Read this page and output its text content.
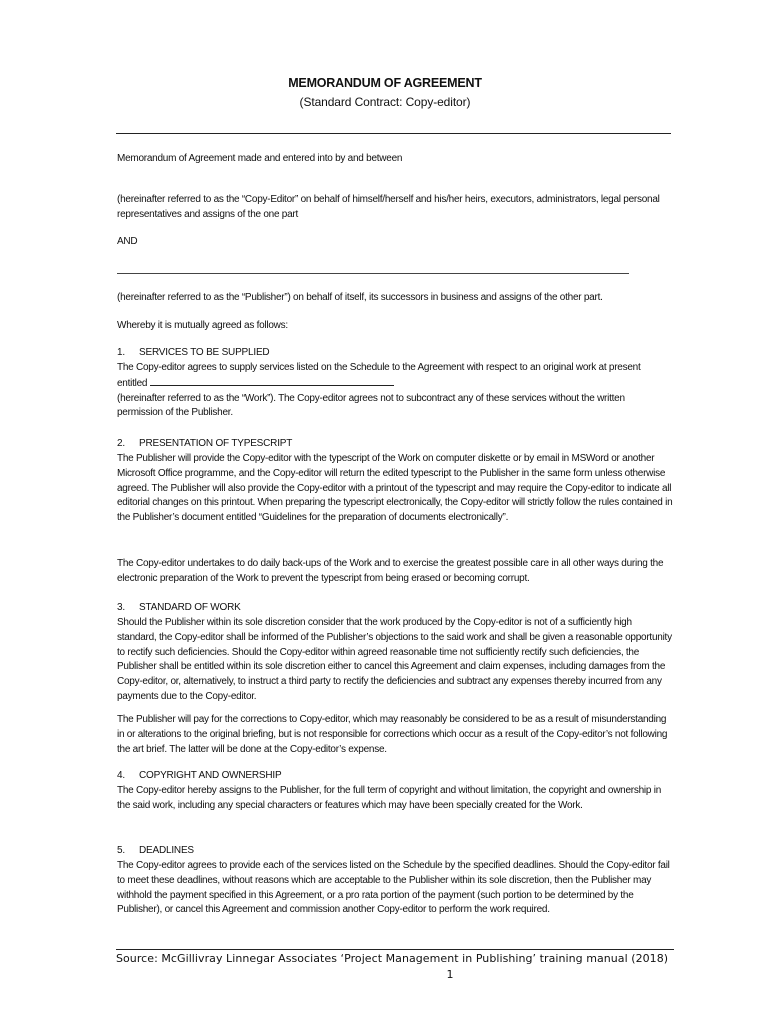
MEMORANDUM OF AGREEMENT
(Standard Contract: Copy-editor)

Memorandum of Agreement made and entered into by and between

(hereinafter referred to as the “Copy-Editor” on behalf of himself/herself and his/her heirs, executors, administrators, legal personal representatives and assigns of the one part

AND

(hereinafter referred to as the “Publisher”) on behalf of itself, its successors in business and assigns of the other part.

Whereby it is mutually agreed as follows:

1. SERVICES TO BE SUPPLIED

The Copy-editor agrees to supply services listed on the Schedule to the Agreement with respect to an original work at present entitled
(hereinafter referred to as the “Work”). The Copy-editor agrees not to subcontract any of these services without the written permission of the Publisher.

2. PRESENTATION OF TYPESCRIPT

The Publisher will provide the Copy-editor with the typescript of the Work on computer diskette or by email in MSWord or another Microsoft Office programme, and the Copy-editor will return the edited typescript to the Publisher in the same form unless otherwise agreed. The Publisher will also provide the Copy-editor with a printout of the typescript and may require the Copy-editor to indicate all editorial changes on this printout. When preparing the typescript electronically, the Copy-editor will strictly follow the rules contained in the Publisher’s document entitled “Guidelines for the preparation of documents electronically”.

The Copy-editor undertakes to do daily back-ups of the Work and to exercise the greatest possible care in all other ways during the electronic preparation of the Work to prevent the typescript from being erased or becoming corrupt.

3. STANDARD OF WORK

Should the Publisher within its sole discretion consider that the work produced by the Copy-editor is not of a sufficiently high standard, the Copy-editor shall be informed of the Publisher’s objections to the said work and shall be given a reasonable opportunity to rectify such deficiencies. Should the Copy-editor within agreed reasonable time not sufficiently rectify such deficiencies, the Publisher shall be entitled within its sole discretion either to cancel this Agreement and claim expenses, including damages from the Copy-editor, or, alternatively, to instruct a third party to rectify the deficiencies and subtract any expenses thereby incurred from any payments due to the Copy-editor.

The Publisher will pay for the corrections to Copy-editor, which may reasonably be considered to be as a result of misunderstanding in or alterations to the original briefing, but is not responsible for corrections which occur as a result of the Copy-editor’s not following the art brief. The latter will be done at the Copy-editor’s expense.

4. COPYRIGHT AND OWNERSHIP

The Copy-editor hereby assigns to the Publisher, for the full term of copyright and without limitation, the copyright and ownership in the said work, including any special characters or features which may have been specially created for the Work.

5. DEADLINES

The Copy-editor agrees to provide each of the services listed on the Schedule by the specified deadlines. Should the Copy-editor fail to meet these deadlines, without reasons which are acceptable to the Publisher within its sole discretion, then the Publisher may withhold the payment specified in this Agreement, or a pro rata portion of the payment (such portion to be determined by the Publisher), or cancel this Agreement and commission another Copy-editor to perform the work required.

Source: McGillivray Linnegar Associates ‘Project Management in Publishing’ training manual (2018)
1
